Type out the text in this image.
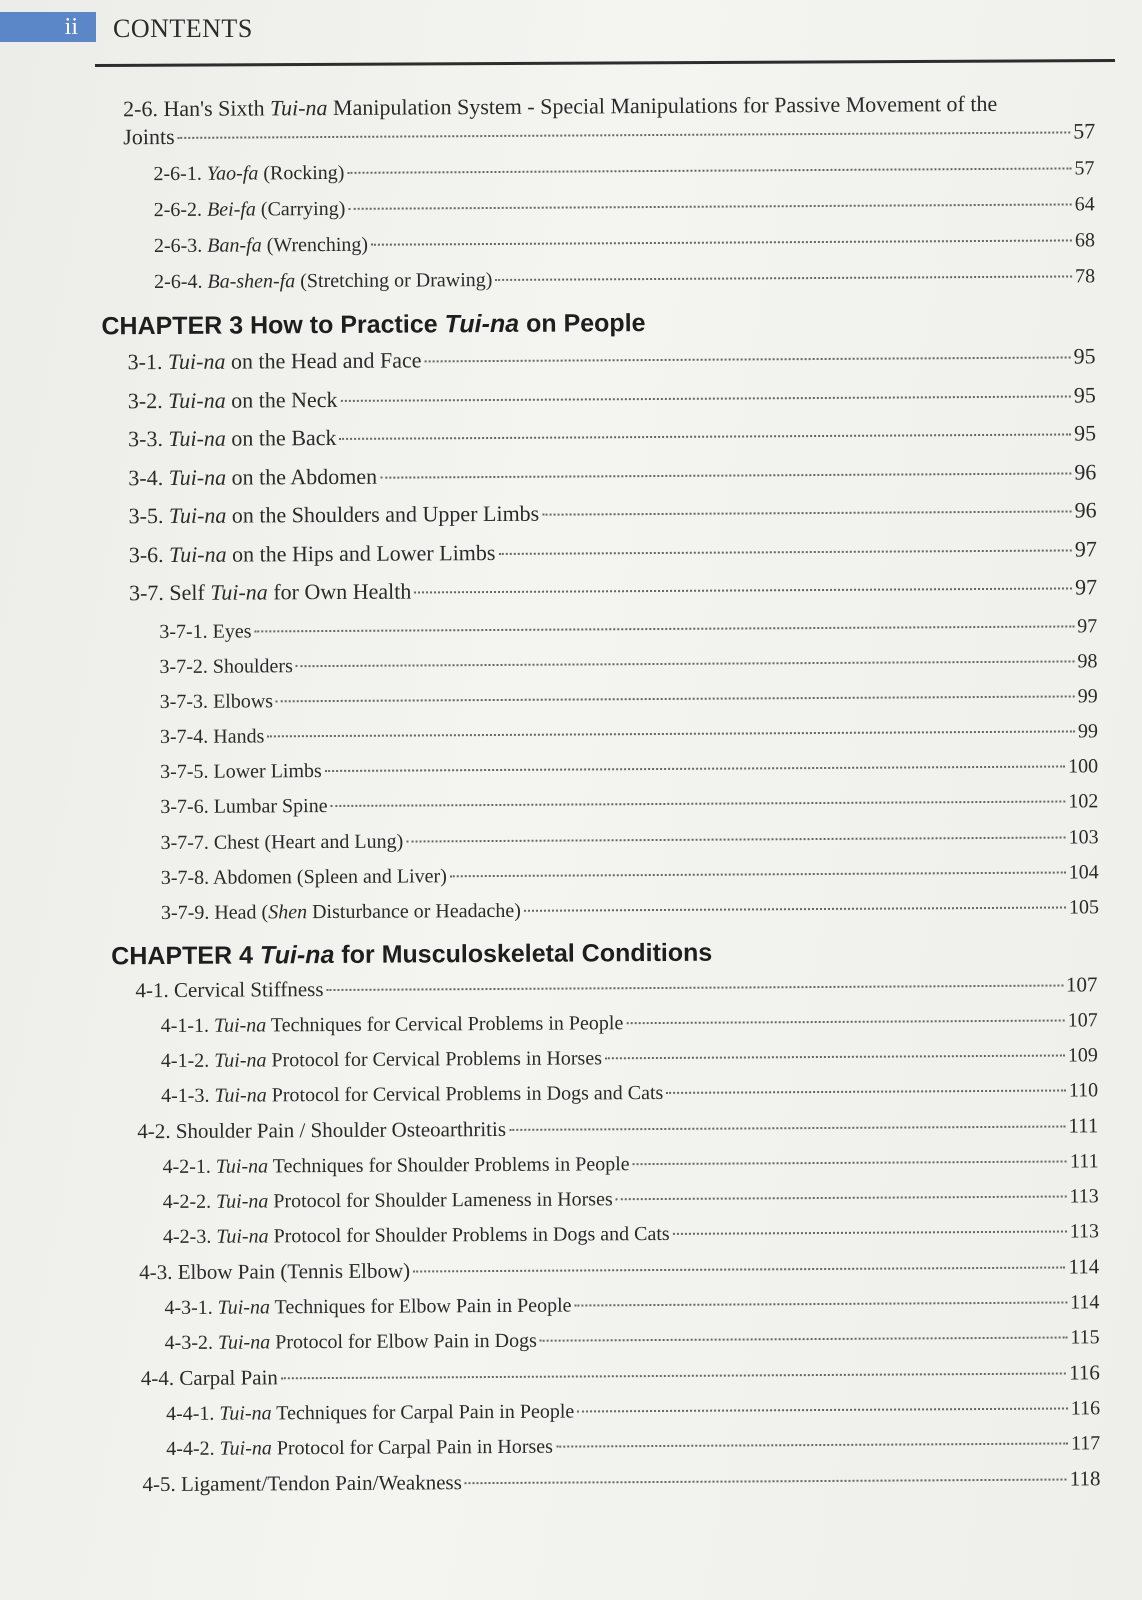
ii	CONTENTS
2-6. Han's Sixth Tui-na Manipulation System - Special Manipulations for Passive Movement of the
Joints	57
2-6-1. Yao-fa (Rocking)	57
2-6-2. Bei-fa (Carrying)	64
2-6-3. Ban-fa (Wrenching)	68
2-6-4. Ba-shen-fa (Stretching or Drawing)	78
CHAPTER 3 How to Practice Tui-na on People
3-1. Tui-na on the Head and Face	95
3-2. Tui-na on the Neck	95
3-3. Tui-na on the Back	95
3-4. Tui-na on the Abdomen	96
3-5. Tui-na on the Shoulders and Upper Limbs	96
3-6. Tui-na on the Hips and Lower Limbs	97
3-7. Self Tui-na for Own Health	97
3-7-1. Eyes	97
3-7-2. Shoulders	98
3-7-3. Elbows	99
3-7-4. Hands	99
3-7-5. Lower Limbs	100
3-7-6. Lumbar Spine	102
3-7-7. Chest (Heart and Lung)	103
3-7-8. Abdomen (Spleen and Liver)	104
3-7-9. Head (Shen Disturbance or Headache)	105
CHAPTER 4 Tui-na for Musculoskeletal Conditions
4-1. Cervical Stiffness	107
4-1-1. Tui-na Techniques for Cervical Problems in People	107
4-1-2. Tui-na Protocol for Cervical Problems in Horses	109
4-1-3. Tui-na Protocol for Cervical Problems in Dogs and Cats	110
4-2. Shoulder Pain / Shoulder Osteoarthritis	111
4-2-1. Tui-na Techniques for Shoulder Problems in People	111
4-2-2. Tui-na Protocol for Shoulder Lameness in Horses	113
4-2-3. Tui-na Protocol for Shoulder Problems in Dogs and Cats	113
4-3. Elbow Pain (Tennis Elbow)	114
4-3-1. Tui-na Techniques for Elbow Pain in People	114
4-3-2. Tui-na Protocol for Elbow Pain in Dogs	115
4-4. Carpal Pain	116
4-4-1. Tui-na Techniques for Carpal Pain in People	116
4-4-2. Tui-na Protocol for Carpal Pain in Horses	117
4-5. Ligament/Tendon Pain/Weakness	118
